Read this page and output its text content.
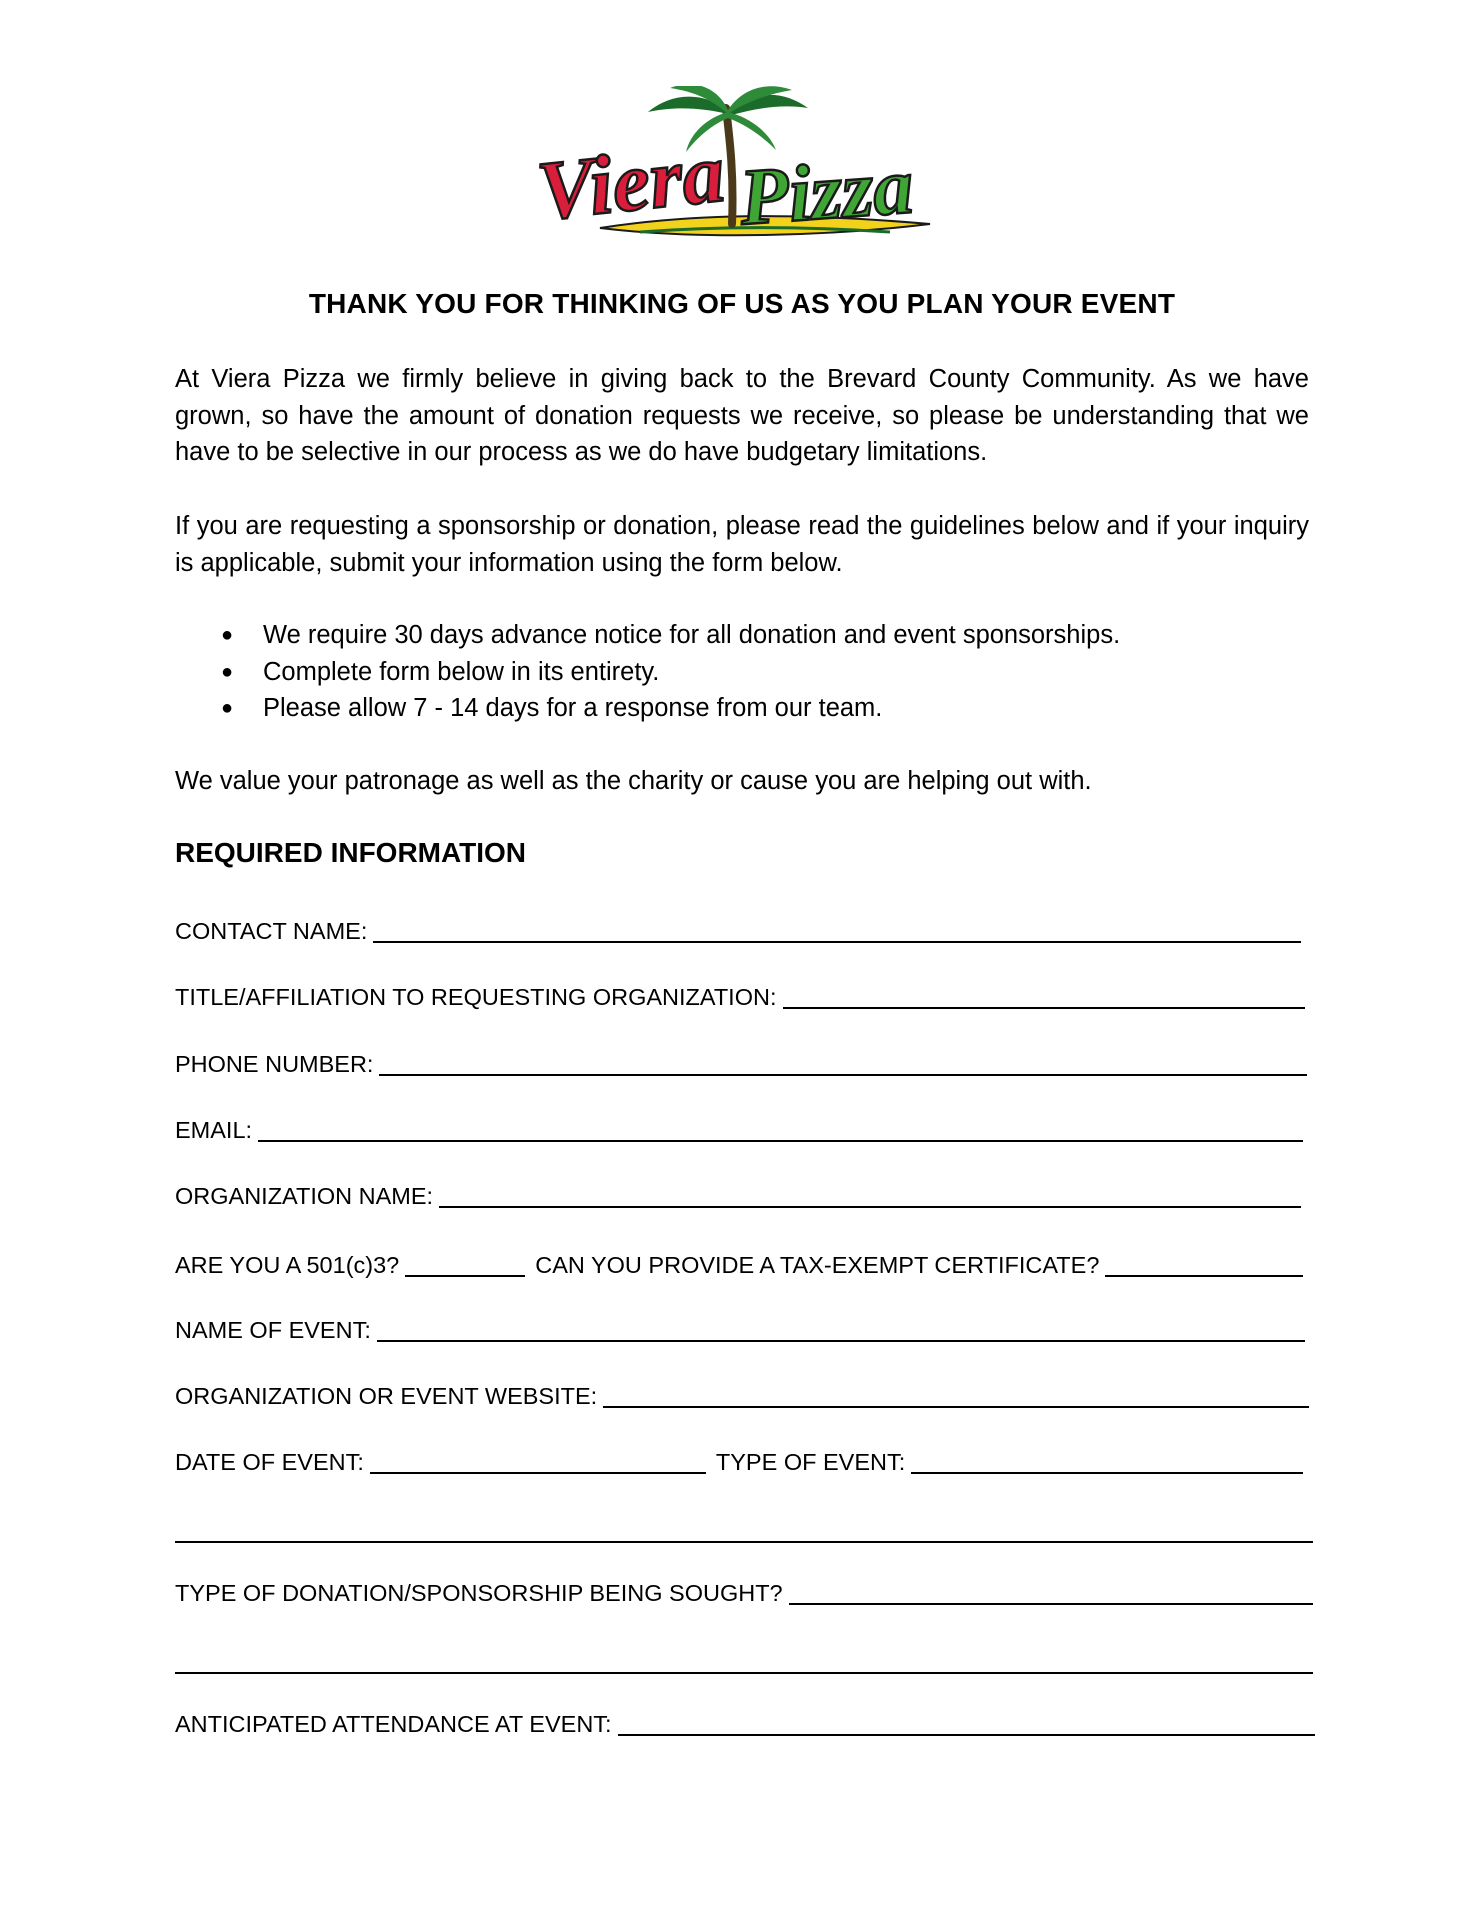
Viera Pizza
THANK YOU FOR THINKING OF US AS YOU PLAN YOUR EVENT
At Viera Pizza we firmly believe in giving back to the Brevard County Community. As we have grown, so have the amount of donation requests we receive, so please be understanding that we have to be selective in our process as we do have budgetary limitations.
If you are requesting a sponsorship or donation, please read the guidelines below and if your inquiry is applicable, submit your information using the form below.
● We require 30 days advance notice for all donation and event sponsorships.
● Complete form below in its entirety.
● Please allow 7 - 14 days for a response from our team.
We value your patronage as well as the charity or cause you are helping out with.
REQUIRED INFORMATION
CONTACT NAME:
TITLE/AFFILIATION TO REQUESTING ORGANIZATION:
PHONE NUMBER:
EMAIL:
ORGANIZATION NAME:
ARE YOU A 501(c)3?	CAN YOU PROVIDE A TAX-EXEMPT CERTIFICATE?
NAME OF EVENT:
ORGANIZATION OR EVENT WEBSITE:
DATE OF EVENT:	TYPE OF EVENT:
TYPE OF DONATION/SPONSORSHIP BEING SOUGHT?
ANTICIPATED ATTENDANCE AT EVENT:
